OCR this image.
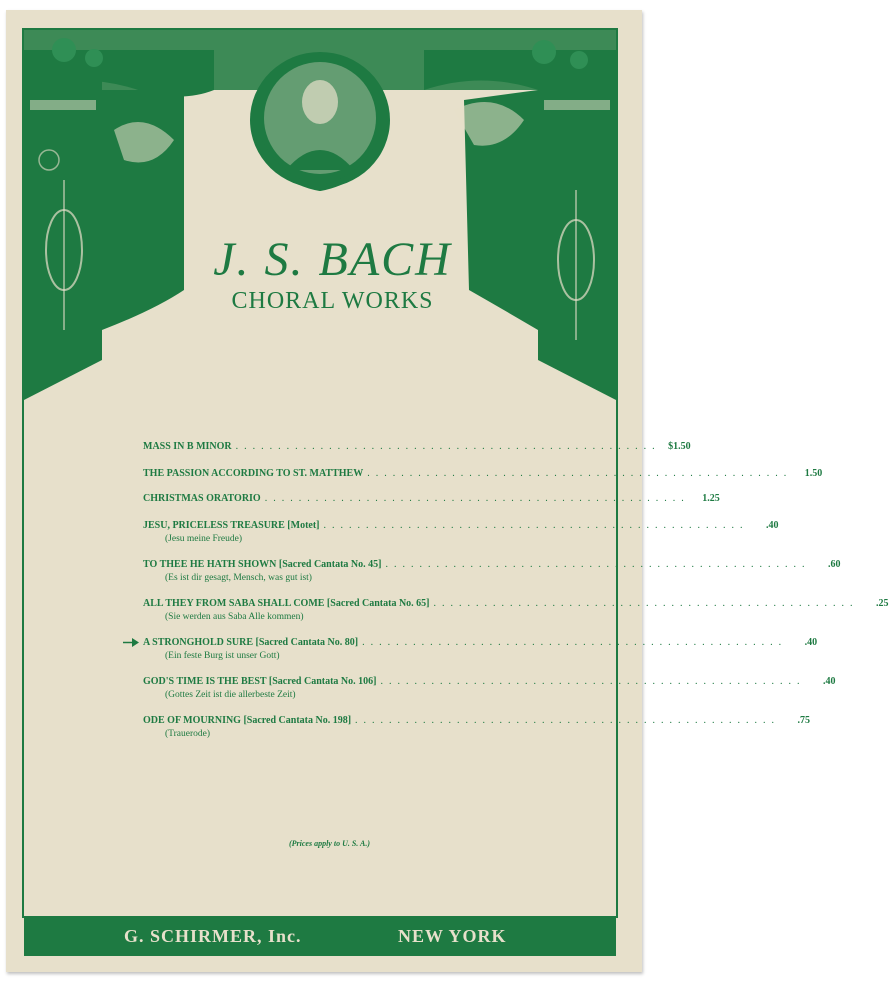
J. S. BACH
CHORAL WORKS
MASS IN B MINOR .................................................. $1.50
THE PASSION ACCORDING TO ST. MATTHEW ..................................................	1.50
CHRISTMAS ORATORIO ..................................................	1.25
JESU, PRICELESS TREASURE [Motet] ..................................................	.40
(Jesu meine Freude)
TO THEE HE HATH SHOWN [Sacred Cantata No. 45] ..................................................	.60
(Es ist dir gesagt, Mensch, was gut ist)
ALL THEY FROM SABA SHALL COME [Sacred Cantata No. 65] ..................................................	.25
(Sie werden aus Saba Alle kommen)
A STRONGHOLD SURE [Sacred Cantata No. 80] ..................................................	.40
(Ein feste Burg ist unser Gott)
GOD'S TIME IS THE BEST [Sacred Cantata No. 106] ..................................................	.40
(Gottes Zeit ist die allerbeste Zeit)
ODE OF MOURNING [Sacred Cantata No. 198] ..................................................	.75
(Trauerode)
(Prices apply to U. S. A.)
G. SCHIRMER, Inc.	NEW YORK
